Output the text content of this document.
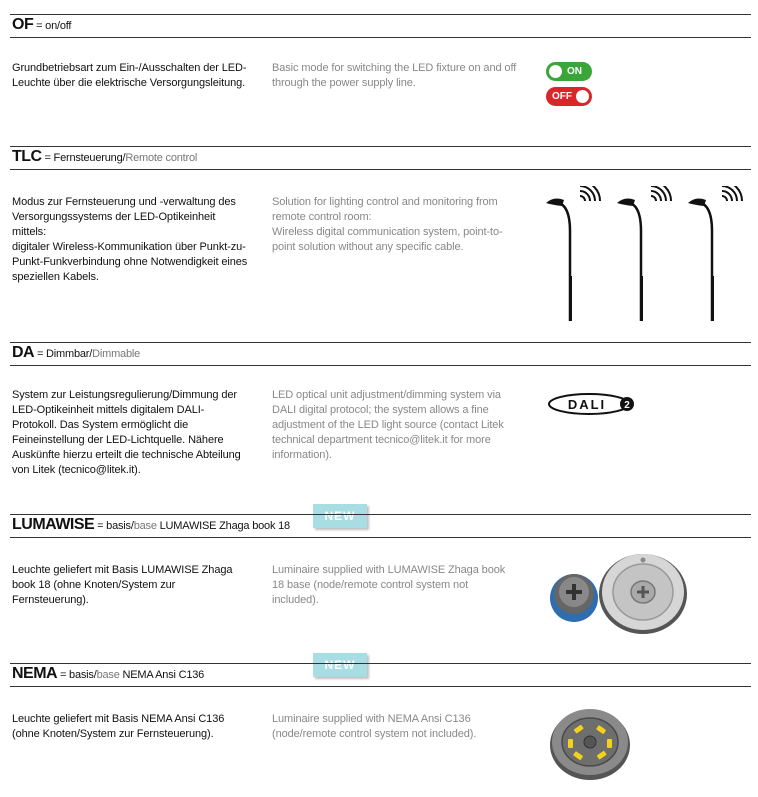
OF = on/off
Grundbetriebsart zum Ein-/Ausschalten der LED-Leuchte über die elektrische Versorgungsleitung.
Basic mode for switching the LED fixture on and off through the power supply line.
ON
OFF
TLC = Fernsteuerung/Remote control
Modus zur Fernsteuerung und -verwaltung des Versorgungssystems der LED-Optikeinheit mittels:
digitaler Wireless-Kommunikation über Punkt-zu-Punkt-Funkverbindung ohne Notwendigkeit eines speziellen Kabels.
Solution for lighting control and monitoring from remote control room:
Wireless digital communication system, point-to-point solution without any specific cable.
DA = Dimmbar/Dimmable
System zur Leistungsregulierung/Dimmung der LED-Optikeinheit mittels digitalem DALI-Protokoll. Das System ermöglicht die Feineinstellung der LED-Lichtquelle. Nähere Auskünfte hierzu erteilt die technische Abteilung von Litek (tecnico@litek.it).
LED optical unit adjustment/dimming system via DALI digital protocol; the system allows a fine adjustment of the LED light source (contact Litek technical department tecnico@litek.it for more information).
DALI 2
NEW
LUMAWISE = basis/base LUMAWISE Zhaga book 18
Leuchte geliefert mit Basis LUMAWISE Zhaga book 18 (ohne Knoten/System zur Fernsteuerung).
Luminaire supplied with LUMAWISE Zhaga book 18 base (node/remote control system not included).
NEW
NEMA = basis/base NEMA Ansi C136
Leuchte geliefert mit Basis NEMA Ansi C136 (ohne Knoten/System zur Fernsteuerung).
Luminaire supplied with NEMA Ansi C136 (node/remote control system not included).
